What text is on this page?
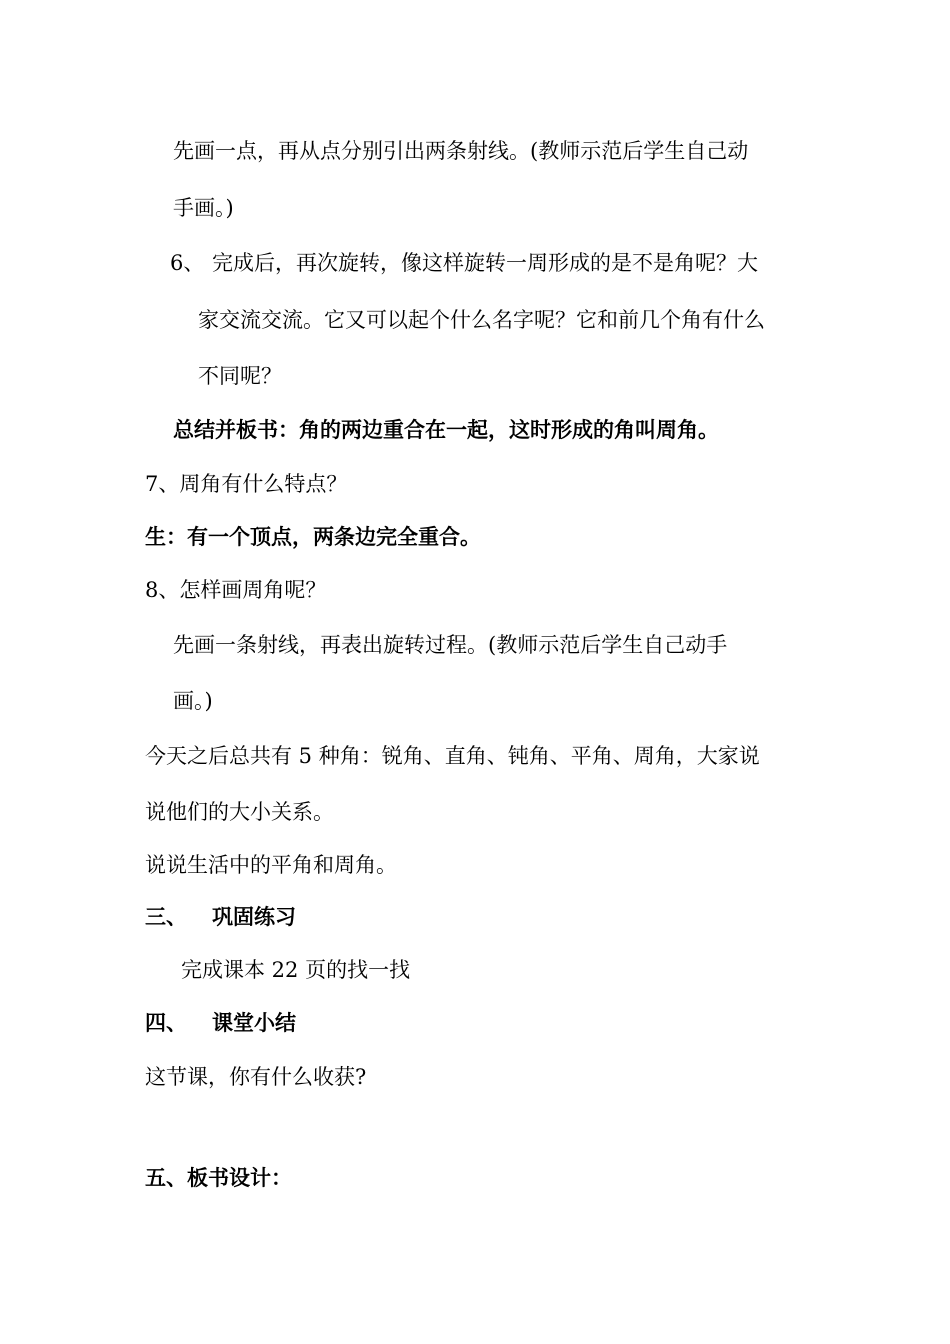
先画一点，再从点分别引出两条射线。(教师示范后学生自己动
手画。)
6、 完成后，再次旋转，像这样旋转一周形成的是不是角呢？大
家交流交流。它又可以起个什么名字呢？它和前几个角有什么
不同呢？
总结并板书：角的两边重合在一起，这时形成的角叫周角。
7、周角有什么特点？
生：有一个顶点，两条边完全重合。
8、怎样画周角呢？
先画一条射线，再表出旋转过程。(教师示范后学生自己动手
画。)
今天之后总共有 5 种角：锐角、直角、钝角、平角、周角，大家说
说他们的大小关系。
说说生活中的平角和周角。
三、 巩固练习
完成课本 22 页的找一找
四、 课堂小结
这节课，你有什么收获?
五、板书设计：
